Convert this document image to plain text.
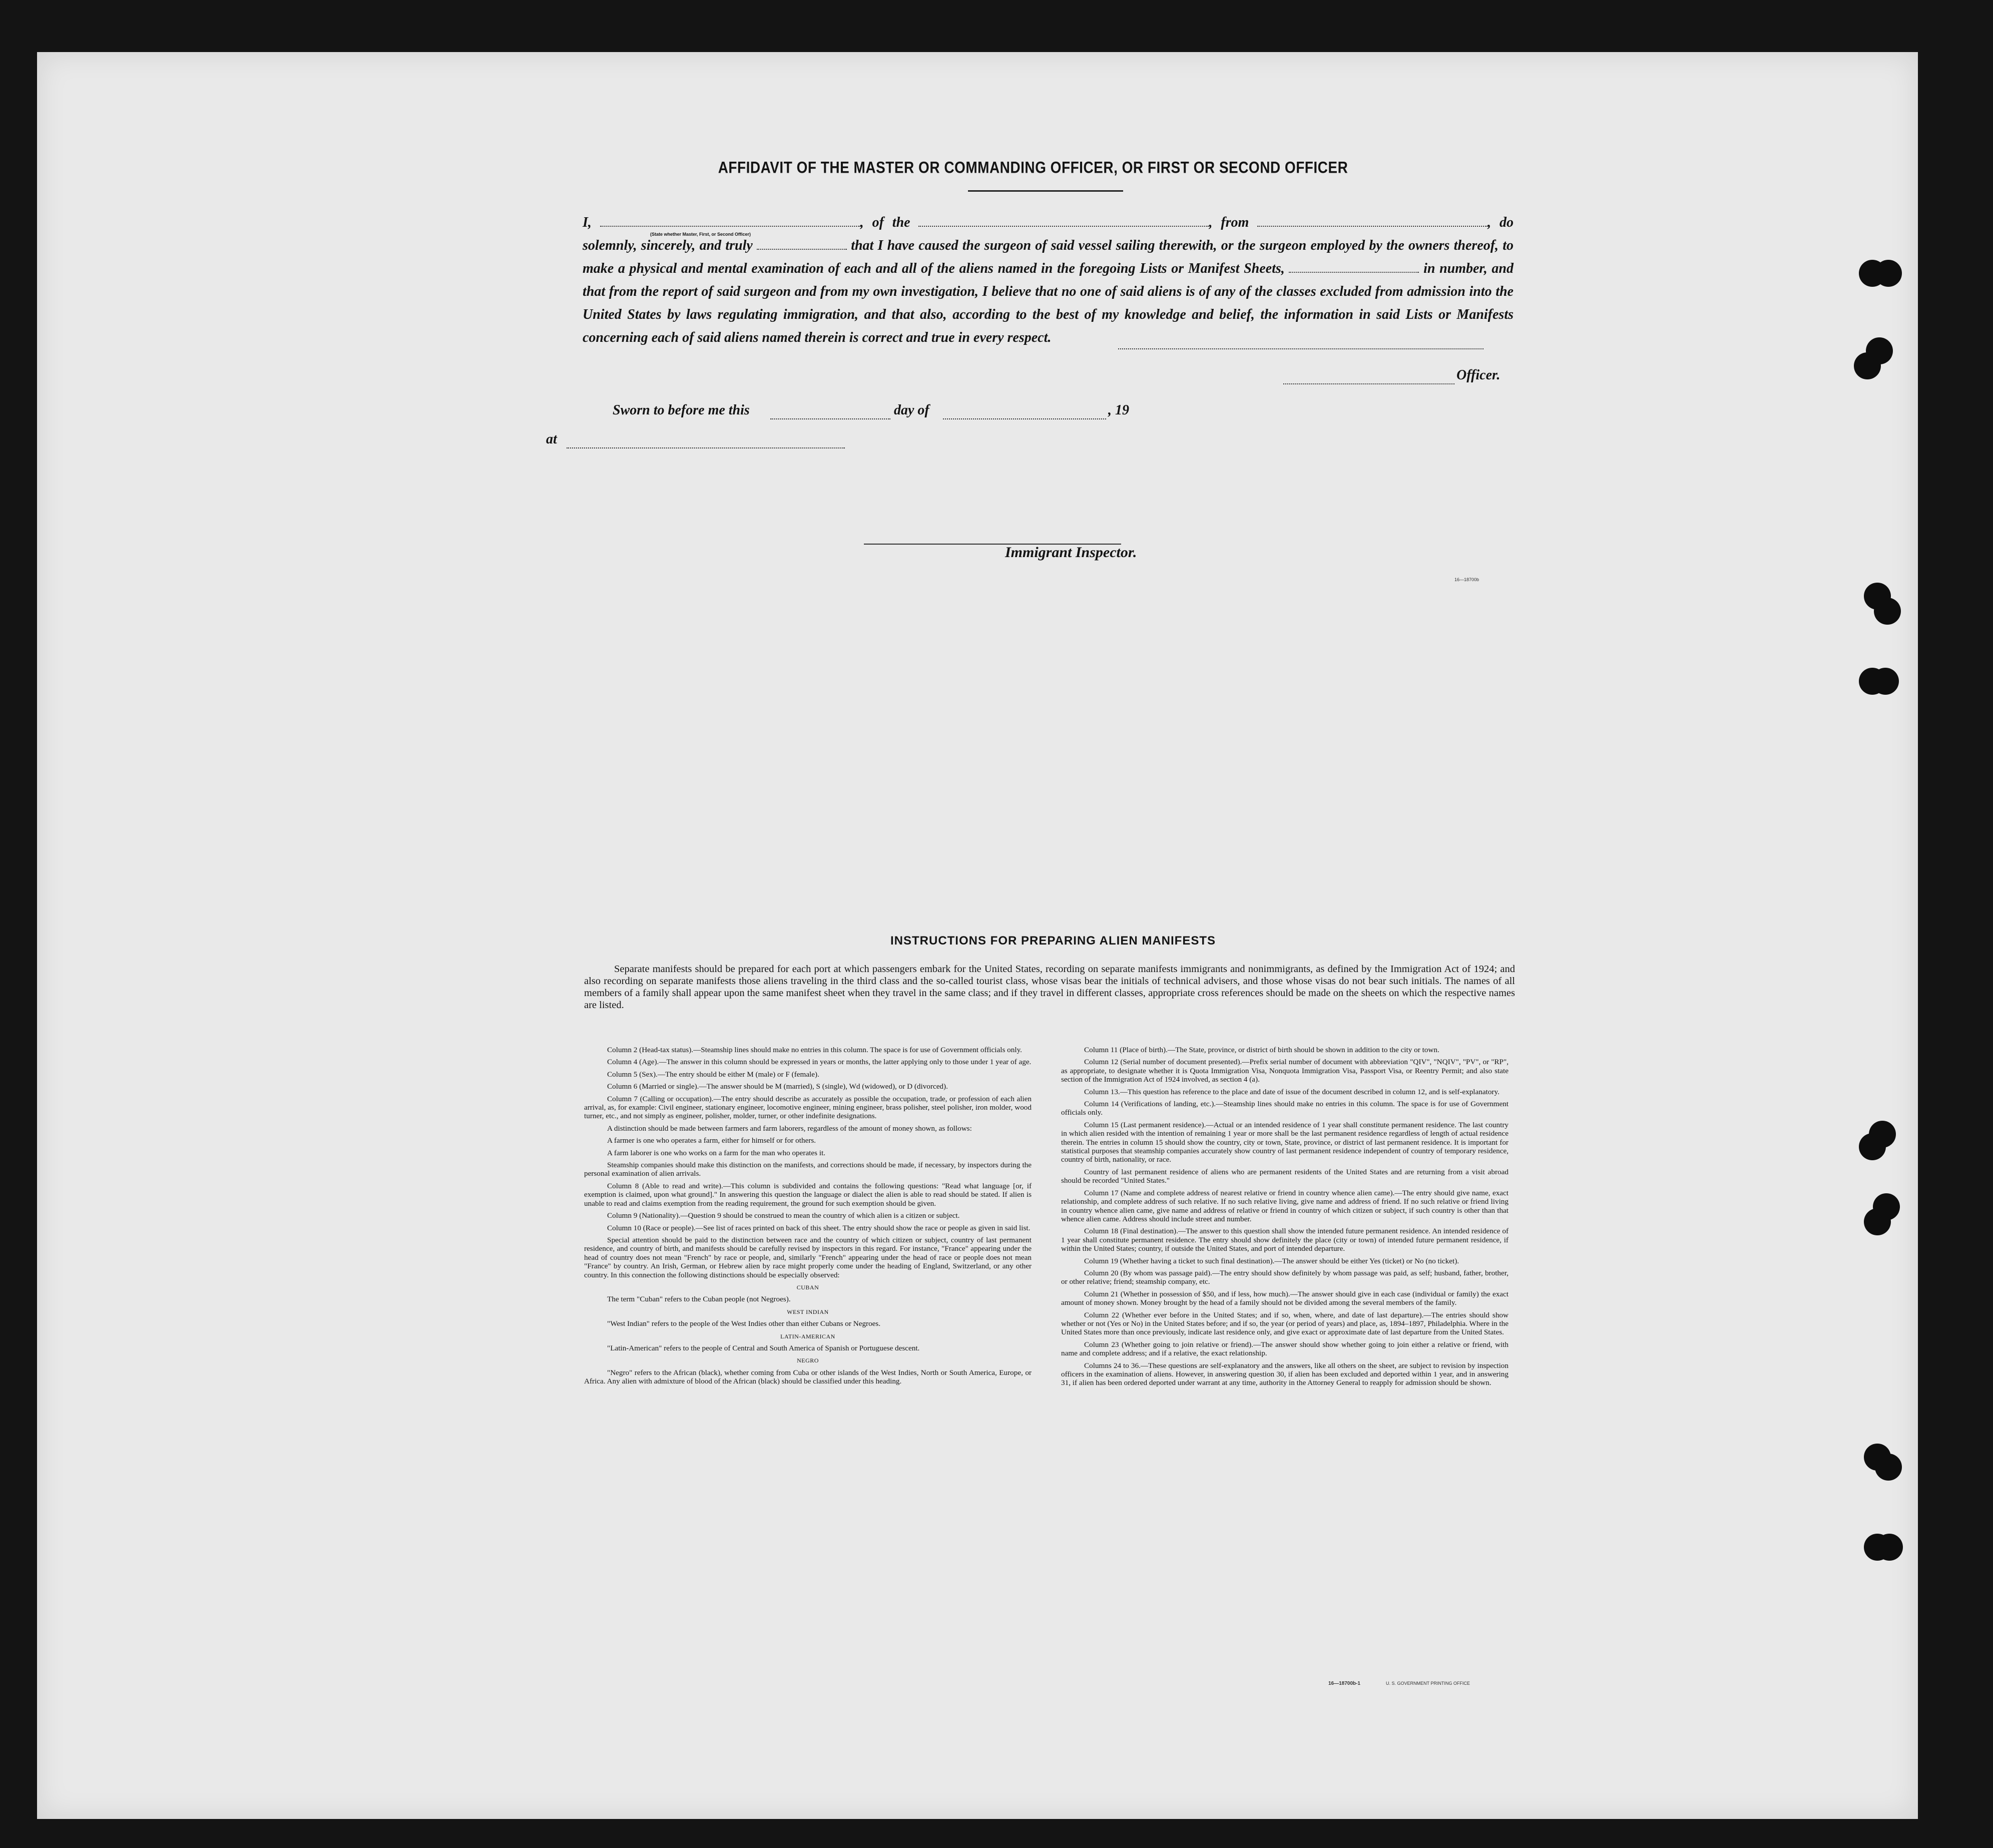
AFFIDAVIT OF THE MASTER OR COMMANDING OFFICER, OR FIRST OR SECOND OFFICER
I,	, of the	, from	, do solemnly, sincerely, and truly	that I have caused the surgeon of said vessel sailing therewith, or the surgeon employed by the owners thereof, to make a physical and mental examination of each and all of the aliens named in the foregoing Lists or Manifest Sheets,	in number, and that from the report of said surgeon and from my own investigation, I believe that no one of said aliens is of any of the classes excluded from admission into the United States by laws regulating immigration, and that also, according to the best of my knowledge and belief, the information in said Lists or Manifests concerning each of said aliens named therein is correct and true in every respect.
(State whether Master, First, or Second Officer)
Officer.
Sworn to before me this	day of	, 19
at
Immigrant Inspector.
16—18700b
INSTRUCTIONS FOR PREPARING ALIEN MANIFESTS
Separate manifests should be prepared for each port at which passengers embark for the United States, recording on separate manifests immigrants and nonimmigrants, as defined by the Immigration Act of 1924; and also recording on separate manifests those aliens traveling in the third class and the so-called tourist class, whose visas bear the initials of technical advisers, and those whose visas do not bear such initials. The names of all members of a family shall appear upon the same manifest sheet when they travel in the same class; and if they travel in different classes, appropriate cross references should be made on the sheets on which the respective names are listed.

Column 2 (Head-tax status).—Steamship lines should make no entries in this column. The space is for use of Government officials only.

Column 4 (Age).—The answer in this column should be expressed in years or months, the latter applying only to those under 1 year of age.

Column 5 (Sex).—The entry should be either M (male) or F (female).

Column 6 (Married or single).—The answer should be M (married), S (single), Wd (widowed), or D (divorced).

Column 7 (Calling or occupation).—The entry should describe as accurately as possible the occupation, trade, or profession of each alien arrival, as, for example: Civil engineer, stationary engineer, locomotive engineer, mining engineer, brass polisher, steel polisher, iron molder, wood turner, etc., and not simply as engineer, polisher, molder, turner, or other indefinite designations.

A distinction should be made between farmers and farm laborers, regardless of the amount of money shown, as follows:

A farmer is one who operates a farm, either for himself or for others.

A farm laborer is one who works on a farm for the man who operates it.

Steamship companies should make this distinction on the manifests, and corrections should be made, if necessary, by inspectors during the personal examination of alien arrivals.

Column 8 (Able to read and write).—This column is subdivided and contains the following questions: "Read what language [or, if exemption is claimed, upon what ground]." In answering this question the language or dialect the alien is able to read should be stated. If alien is unable to read and claims exemption from the reading requirement, the ground for such exemption should be given.

Column 9 (Nationality).—Question 9 should be construed to mean the country of which alien is a citizen or subject.

Column 10 (Race or people).—See list of races printed on back of this sheet. The entry should show the race or people as given in said list.

Special attention should be paid to the distinction between race and the country of which citizen or subject, country of last permanent residence, and country of birth, and manifests should be carefully revised by inspectors in this regard. For instance, "France" appearing under the head of country does not mean "French" by race or people, and, similarly "French" appearing under the head of race or people does not mean "France" by country. An Irish, German, or Hebrew alien by race might properly come under the heading of England, Switzerland, or any other country. In this connection the following distinctions should be especially observed:

CUBAN

The term "Cuban" refers to the Cuban people (not Negroes).

WEST INDIAN

"West Indian" refers to the people of the West Indies other than either Cubans or Negroes.

LATIN-AMERICAN

"Latin-American" refers to the people of Central and South America of Spanish or Portuguese descent.

NEGRO

"Negro" refers to the African (black), whether coming from Cuba or other islands of the West Indies, North or South America, Europe, or Africa. Any alien with admixture of blood of the African (black) should be classified under this heading.

Column 11 (Place of birth).—The State, province, or district of birth should be shown in addition to the city or town.

Column 12 (Serial number of document presented).—Prefix serial number of document with abbreviation "QIV", "NQIV", "PV", or "RP", as appropriate, to designate whether it is Quota Immigration Visa, Nonquota Immigration Visa, Passport Visa, or Reentry Permit; and also state section of the Immigration Act of 1924 involved, as section 4 (a).

Column 13.—This question has reference to the place and date of issue of the document described in column 12, and is self-explanatory.

Column 14 (Verifications of landing, etc.).—Steamship lines should make no entries in this column. The space is for use of Government officials only.

Column 15 (Last permanent residence).—Actual or an intended residence of 1 year shall constitute permanent residence. The last country in which alien resided with the intention of remaining 1 year or more shall be the last permanent residence regardless of length of actual residence therein. The entries in column 15 should show the country, city or town, State, province, or district of last permanent residence. It is important for statistical purposes that steamship companies accurately show country of last permanent residence independent of country of temporary residence, country of birth, nationality, or race.

Country of last permanent residence of aliens who are permanent residents of the United States and are returning from a visit abroad should be recorded "United States."

Column 17 (Name and complete address of nearest relative or friend in country whence alien came).—The entry should give name, exact relationship, and complete address of such relative. If no such relative living, give name and address of friend. If no such relative or friend living in country whence alien came, give name and address of relative or friend in country of which citizen or subject, if such country is other than that whence alien came. Address should include street and number.

Column 18 (Final destination).—The answer to this question shall show the intended future permanent residence. An intended residence of 1 year shall constitute permanent residence. The entry should show definitely the place (city or town) of intended future permanent residence, if within the United States; country, if outside the United States, and port of intended departure.

Column 19 (Whether having a ticket to such final destination).—The answer should be either Yes (ticket) or No (no ticket).

Column 20 (By whom was passage paid).—The entry should show definitely by whom passage was paid, as self; husband, father, brother, or other relative; friend; steamship company, etc.

Column 21 (Whether in possession of $50, and if less, how much).—The answer should give in each case (individual or family) the exact amount of money shown. Money brought by the head of a family should not be divided among the several members of the family.

Column 22 (Whether ever before in the United States; and if so, when, where, and date of last departure).—The entries should show whether or not (Yes or No) in the United States before; and if so, the year (or period of years) and place, as, 1894–1897, Philadelphia. Where in the United States more than once previously, indicate last residence only, and give exact or approximate date of last departure from the United States.

Column 23 (Whether going to join relative or friend).—The answer should show whether going to join either a relative or friend, with name and complete address; and if a relative, the exact relationship.

Columns 24 to 36.—These questions are self-explanatory and the answers, like all others on the sheet, are subject to revision by inspection officers in the examination of aliens. However, in answering question 30, if alien has been excluded and deported within 1 year, and in answering 31, if alien has been ordered deported under warrant at any time, authority in the Attorney General to reapply for admission should be shown.

16—18700b-1	U. S. GOVERNMENT PRINTING OFFICE
